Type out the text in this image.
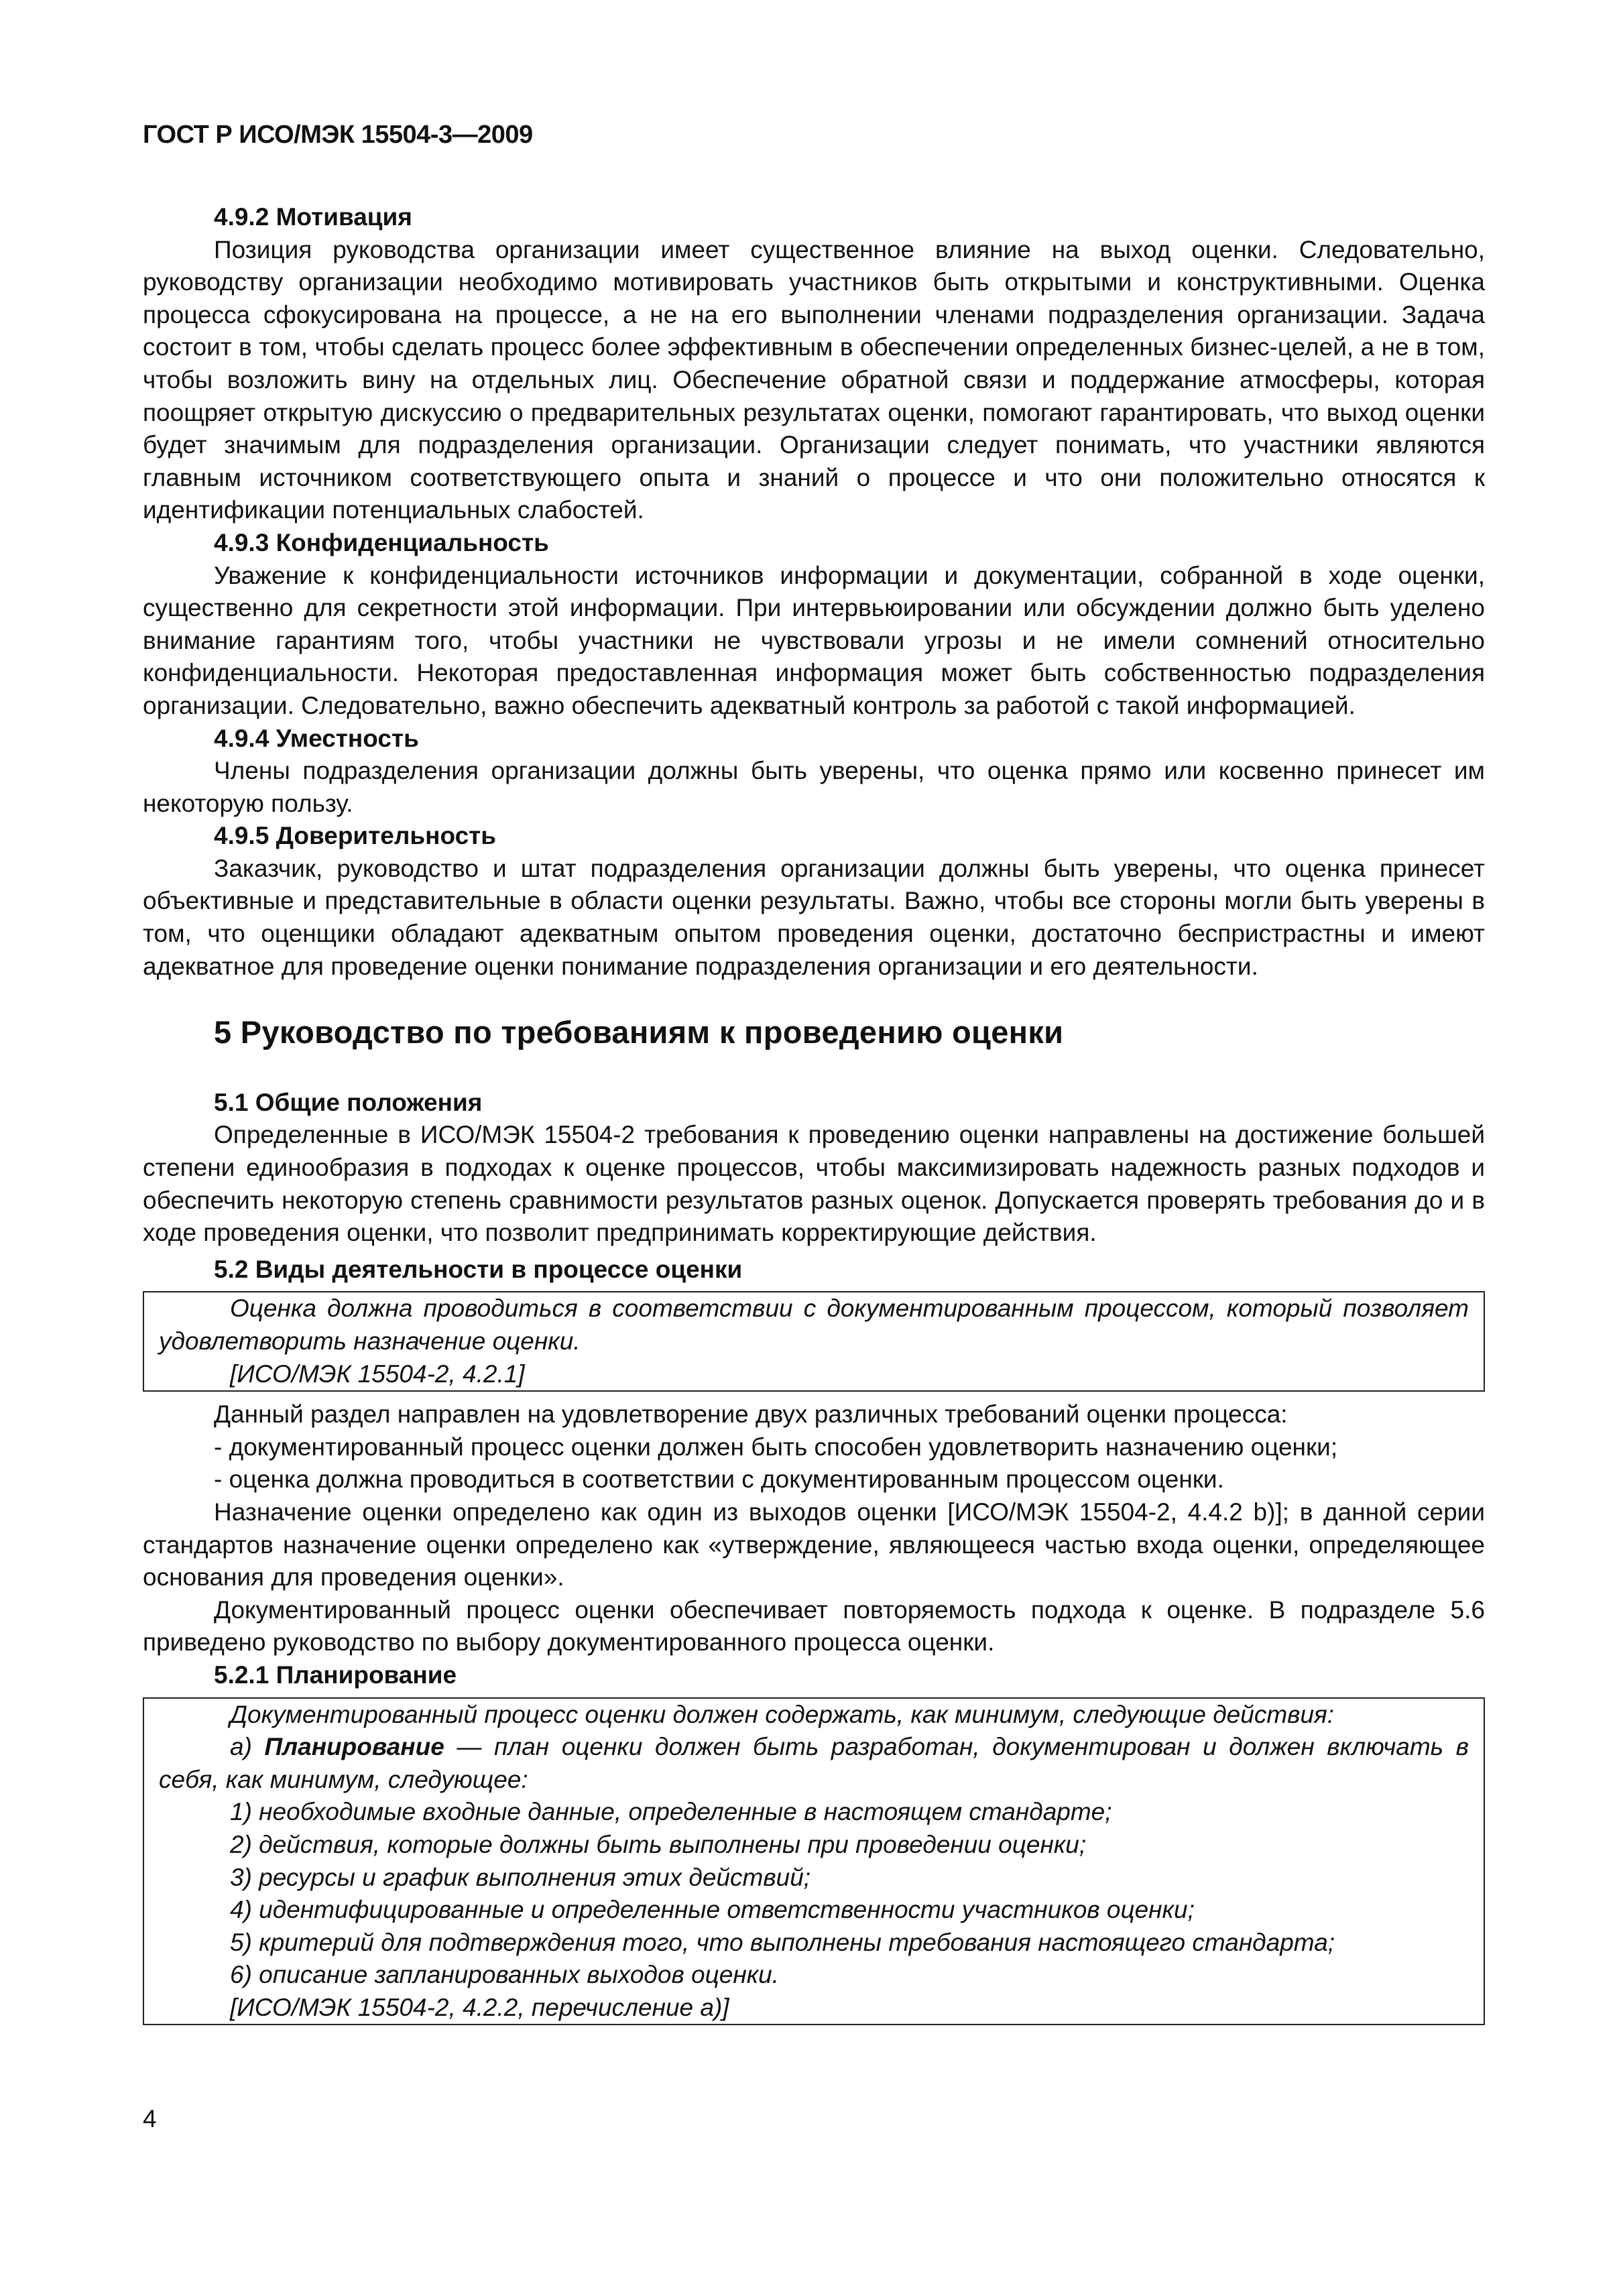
ГОСТ Р ИСО/МЭК 15504-3—2009
4.9.2 Мотивация

Позиция руководства организации имеет существенное влияние на выход оценки. Следовательно, руководству организации необходимо мотивировать участников быть открытыми и конструктивными. Оценка процесса сфокусирована на процессе, а не на его выполнении членами подразделения организации. Задача состоит в том, чтобы сделать процесс более эффективным в обеспечении определенных бизнес-целей, а не в том, чтобы возложить вину на отдельных лиц. Обеспечение обратной связи и поддержание атмосферы, которая поощряет открытую дискуссию о предварительных результатах оценки, помогают гарантировать, что выход оценки будет значимым для подразделения организации. Организации следует понимать, что участники являются главным источником соответствующего опыта и знаний о процессе и что они положительно относятся к идентификации потенциальных слабостей.

4.9.3 Конфиденциальность

Уважение к конфиденциальности источников информации и документации, собранной в ходе оценки, существенно для секретности этой информации. При интервьюировании или обсуждении должно быть уделено внимание гарантиям того, чтобы участники не чувствовали угрозы и не имели сомнений относительно конфиденциальности. Некоторая предоставленная информация может быть собственностью подразделения организации. Следовательно, важно обеспечить адекватный контроль за работой с такой информацией.

4.9.4 Уместность

Члены подразделения организации должны быть уверены, что оценка прямо или косвенно принесет им некоторую пользу.

4.9.5 Доверительность

Заказчик, руководство и штат подразделения организации должны быть уверены, что оценка принесет объективные и представительные в области оценки результаты. Важно, чтобы все стороны могли быть уверены в том, что оценщики обладают адекватным опытом проведения оценки, достаточно беспристрастны и имеют адекватное для проведение оценки понимание подразделения организации и его деятельности.

5 Руководство по требованиям к проведению оценки
5.1 Общие положения

Определенные в ИСО/МЭК 15504-2 требования к проведению оценки направлены на достижение большей степени единообразия в подходах к оценке процессов, чтобы максимизировать надежность разных подходов и обеспечить некоторую степень сравнимости результатов разных оценок. Допускается проверять требования до и в ходе проведения оценки, что позволит предпринимать корректирующие действия.

5.2 Виды деятельности в процессе оценки

Оценка должна проводиться в соответствии с документированным процессом, который позволяет удовлетворить назначение оценки.

[ИСО/МЭК 15504-2, 4.2.1]

Данный раздел направлен на удовлетворение двух различных требований оценки процесса:

- документированный процесс оценки должен быть способен удовлетворить назначению оценки;

- оценка должна проводиться в соответствии с документированным процессом оценки.

Назначение оценки определено как один из выходов оценки [ИСО/МЭК 15504-2, 4.4.2 b)]; в данной серии стандартов назначение оценки определено как «утверждение, являющееся частью входа оценки, определяющее основания для проведения оценки».

Документированный процесс оценки обеспечивает повторяемость подхода к оценке. В подразделе 5.6 приведено руководство по выбору документированного процесса оценки.

5.2.1 Планирование

Документированный процесс оценки должен содержать, как минимум, следующие действия:

а) Планирование — план оценки должен быть разработан, документирован и должен включать в себя, как минимум, следующее:

1) необходимые входные данные, определенные в настоящем стандарте;
2) действия, которые должны быть выполнены при проведении оценки;
3) ресурсы и график выполнения этих действий;
4) идентифицированные и определенные ответственности участников оценки;
5) критерий для подтверждения того, что выполнены требования настоящего стандарта;
6) описание запланированных выходов оценки.
[ИСО/МЭК 15504-2, 4.2.2, перечисление а)]
4
